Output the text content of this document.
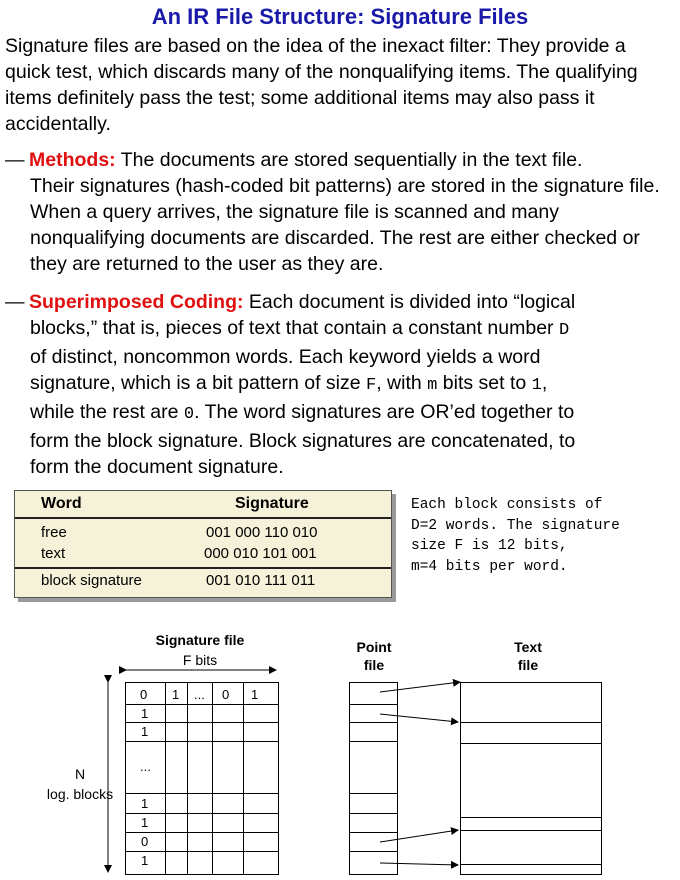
An IR File Structure: Signature Files
Signature files are based on the idea of the inexact filter: They provide a quick test, which discards many of the nonqualifying items. The qualifying items definitely pass the test; some additional items may also pass it accidentally.
— Methods: The documents are stored sequentially in the text file.
Their signatures (hash-coded bit patterns) are stored in the signature file. When a query arrives, the signature file is scanned and many nonqualifying documents are discarded. The rest are either checked or they are returned to the user as they are.
— Superimposed Coding: Each document is divided into “logical
blocks,” that is, pieces of text that contain a constant number D
of distinct, noncommon words. Each keyword yields a word
signature, which is a bit pattern of size F, with m bits set to 1,
while the rest are 0. The word signatures are OR’ed together to
form the block signature. Block signatures are concatenated, to
form the document signature.
Word	Signature
free	001 000 110 010
text	000 010 101 001
block signature	001 010 111 011
Each block consists of
D=2 words. The signature
size F is 12 bits,
m=4 bits per word.
Signature file
F bits
N
log. blocks
Point
file
Text
file
0 1 ... 0 1
1
1
...
1
1
0
1
